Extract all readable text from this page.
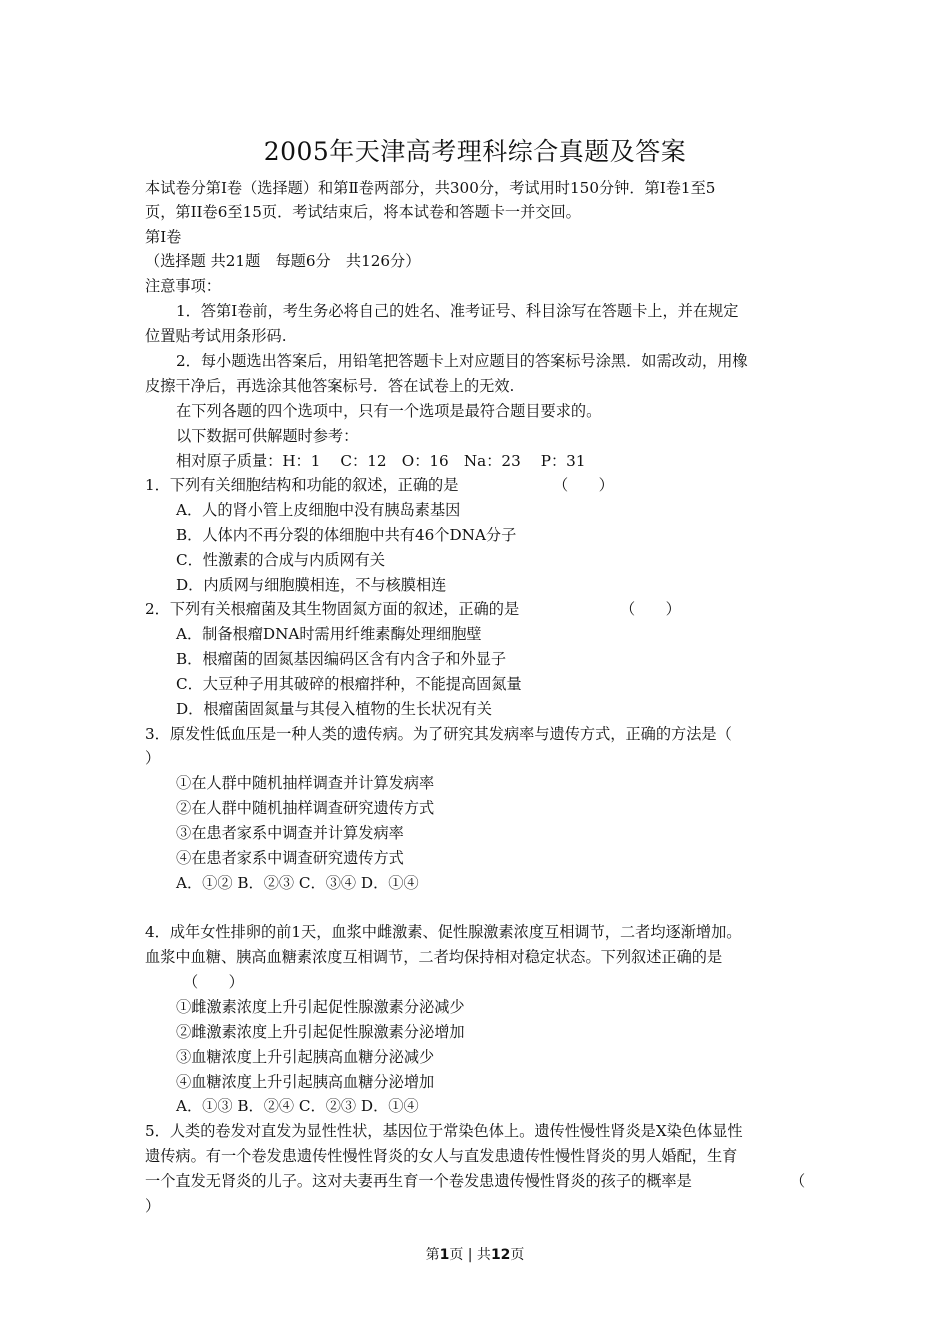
2005年天津高考理科综合真题及答案
本试卷分第Ⅰ卷（选择题）和第Ⅱ卷两部分，共300分，考试用时150分钟．第Ⅰ卷1至5
页，第II卷6至15页．考试结束后，将本试卷和答题卡一并交回。
第Ⅰ卷
（选择题 共21题　每题6分　共126分）
注意事项：
1．答第Ⅰ卷前，考生务必将自己的姓名、准考证号、科目涂写在答题卡上，并在规定
位置贴考试用条形码.
2．每小题选出答案后，用铅笔把答题卡上对应题目的答案标号涂黑．如需改动，用橡
皮擦干净后，再选涂其他答案标号．答在试卷上的无效.
在下列各题的四个选项中，只有一个选项是最符合题目要求的。
以下数据可供解题时参考：
相对原子质量：H：1　 C：12　O：16　Na：23　 P：31
1．下列有关细胞结构和功能的叙述，正确的是	（　　）
A．人的肾小管上皮细胞中没有胰岛素基因
B．人体内不再分裂的体细胞中共有46个DNA分子
C．性激素的合成与内质网有关
D．内质网与细胞膜相连，不与核膜相连
2．下列有关根瘤菌及其生物固氮方面的叙述，正确的是	（　　）
A．制备根瘤DNA时需用纤维素酶处理细胞壁
B．根瘤菌的固氮基因编码区含有内含子和外显子
C．大豆种子用其破碎的根瘤拌种，不能提高固氮量
D．根瘤菌固氮量与其侵入植物的生长状况有关
3．原发性低血压是一种人类的遗传病。为了研究其发病率与遗传方式，正确的方法是（
）
①在人群中随机抽样调查并计算发病率
②在人群中随机抽样调查研究遗传方式
③在患者家系中调查并计算发病率
④在患者家系中调查研究遗传方式
A．①② B．②③ C．③④ D．①④
4．成年女性排卵的前1天，血浆中雌激素、促性腺激素浓度互相调节，二者均逐渐增加。
血浆中血糖、胰高血糖素浓度互相调节，二者均保持相对稳定状态。下列叙述正确的是
（　　）
①雌激素浓度上升引起促性腺激素分泌减少
②雌激素浓度上升引起促性腺激素分泌增加
③血糖浓度上升引起胰高血糖分泌减少
④血糖浓度上升引起胰高血糖分泌增加
A．①③ B．②④ C．②③ D．①④
5．人类的卷发对直发为显性性状，基因位于常染色体上。遗传性慢性肾炎是X染色体显性
遗传病。有一个卷发患遗传性慢性肾炎的女人与直发患遗传性慢性肾炎的男人婚配，生育
一个直发无肾炎的儿子。这对夫妻再生育一个卷发患遗传慢性肾炎的孩子的概率是	（
）
第1页 | 共12页
